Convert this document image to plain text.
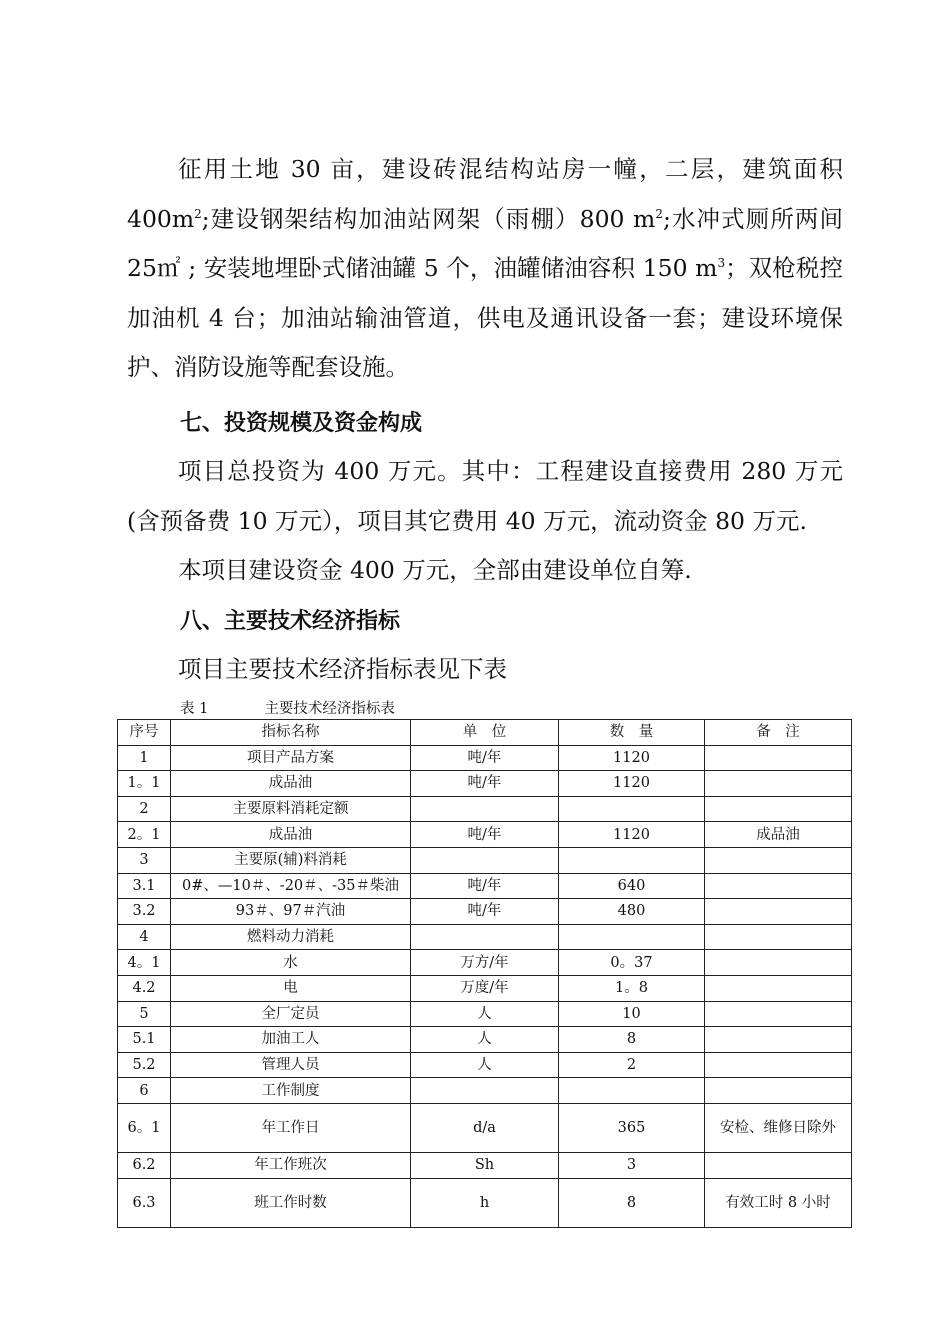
征用土地 30 亩，建设砖混结构站房一幢，二层，建筑面积 $400m^2$;建设钢架结构加油站网架（雨棚）800 $m^2$;水冲式厕所两间 25㎡ ; 安装地埋卧式储油罐 5 个，油罐储油容积 150 $m^3$；双枪税控加油机 4 台；加油站输油管道，供电及通讯设备一套；建设环境保护、消防设施等配套设施。
七、投资规模及资金构成
项目总投资为 400 万元。其中：工程建设直接费用 280 万元(含预备费 10 万元），项目其它费用 40 万元，流动资金 80 万元.
本项目建设资金 400 万元，全部由建设单位自筹.
八、主要技术经济指标
项目主要技术经济指标表见下表
表 1	主要技术经济指标表
序号	指标名称	单　位	数　量	备　注
1	项目产品方案	吨/年	1120	
1。1	成品油	吨/年	1120	
2	主要原料消耗定额			
2。1	成品油	吨/年	1120	成品油
3	主要原(辅)料消耗			
3.1	0#、—10＃、-20＃、-35＃柴油	吨/年	640	
3.2	93＃、97＃汽油	吨/年	480	
4	燃料动力消耗			
4。1	水	万方/年	0。37	
4.2	电	万度/年	1。8	
5	全厂定员	人	10	
5.1	加油工人	人	8	
5.2	管理人员	人	2	
6	工作制度			
6。1	年工作日	d/a	365	安检、维修日除外
6.2	年工作班次	Sh	3	
6.3	班工作时数	h	8	有效工时 8 小时
